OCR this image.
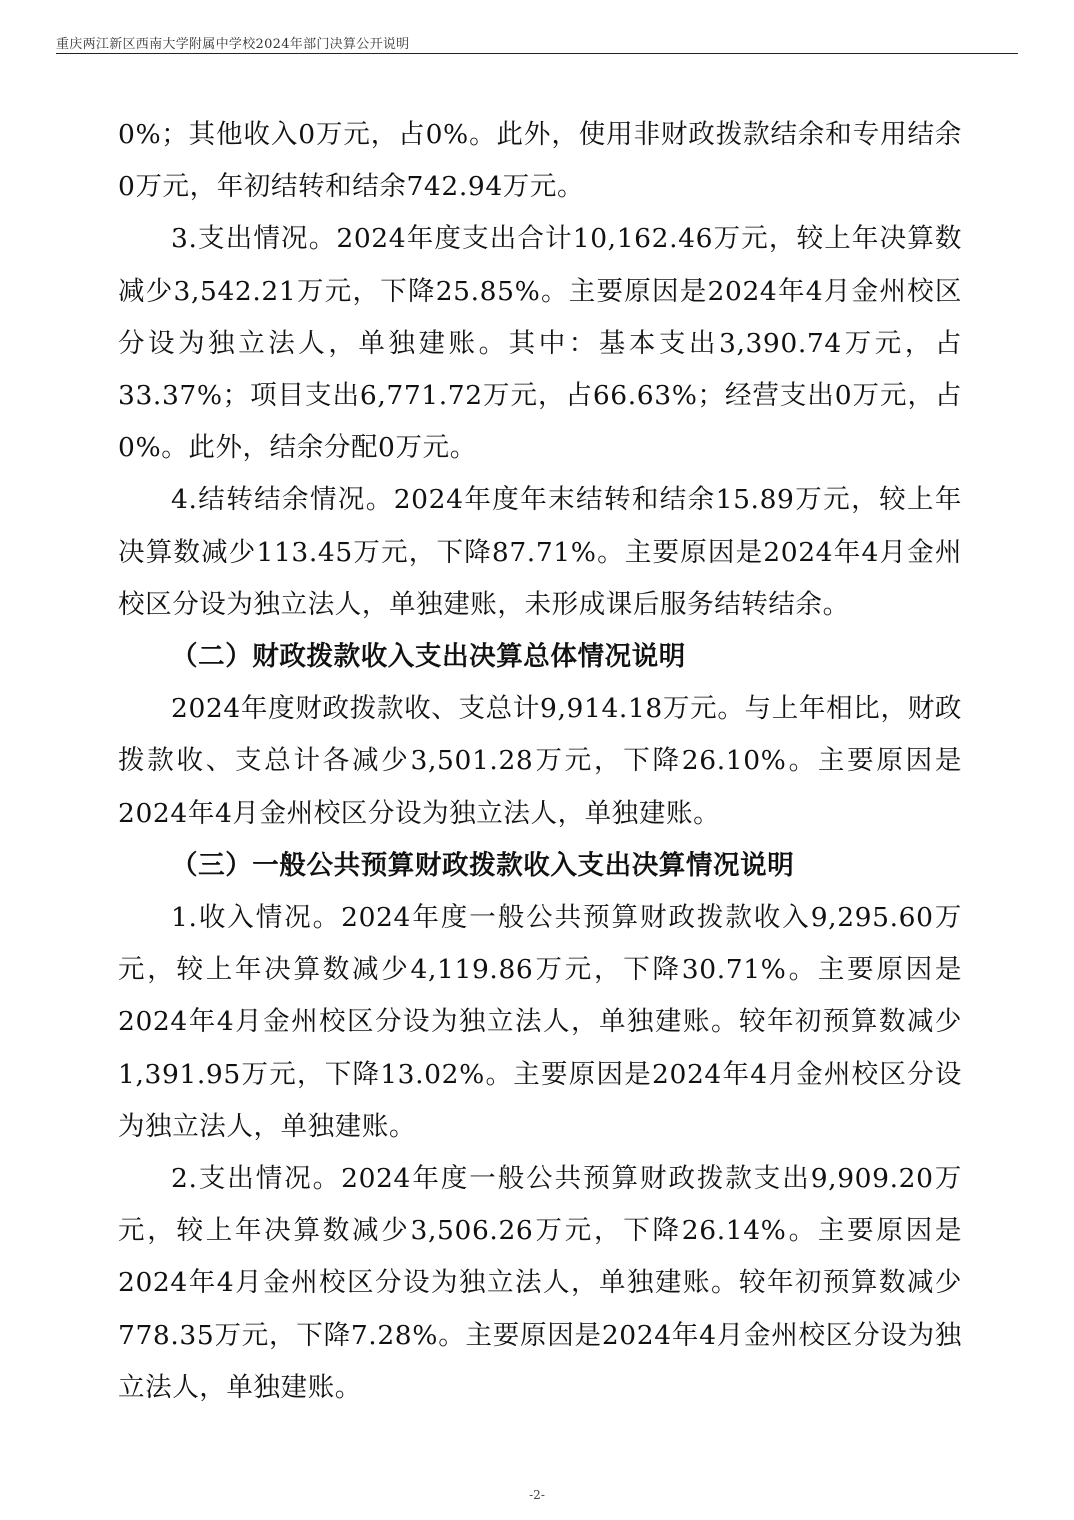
重庆两江新区西南大学附属中学校2024年部门决算公开说明

0%；其他收入0万元，占0%。此外，使用非财政拨款结余和专用结余0万元，年初结转和结余742.94万元。

3.支出情况。2024年度支出合计10,162.46万元，较上年决算数减少3,542.21万元，下降25.85%。主要原因是2024年4月金州校区分设为独立法人，单独建账。其中：基本支出3,390.74万元，占33.37%；项目支出6,771.72万元，占66.63%；经营支出0万元，占0%。此外，结余分配0万元。

4.结转结余情况。2024年度年末结转和结余15.89万元，较上年决算数减少113.45万元，下降87.71%。主要原因是2024年4月金州校区分设为独立法人，单独建账，未形成课后服务结转结余。

（二）财政拨款收入支出决算总体情况说明

2024年度财政拨款收、支总计9,914.18万元。与上年相比，财政拨款收、支总计各减少3,501.28万元，下降26.10%。主要原因是2024年4月金州校区分设为独立法人，单独建账。

（三）一般公共预算财政拨款收入支出决算情况说明

1.收入情况。2024年度一般公共预算财政拨款收入9,295.60万元，较上年决算数减少4,119.86万元，下降30.71%。主要原因是2024年4月金州校区分设为独立法人，单独建账。较年初预算数减少1,391.95万元，下降13.02%。主要原因是2024年4月金州校区分设为独立法人，单独建账。

2.支出情况。2024年度一般公共预算财政拨款支出9,909.20万元，较上年决算数减少3,506.26万元，下降26.14%。主要原因是2024年4月金州校区分设为独立法人，单独建账。较年初预算数减少778.35万元，下降7.28%。主要原因是2024年4月金州校区分设为独立法人，单独建账。

-2-
